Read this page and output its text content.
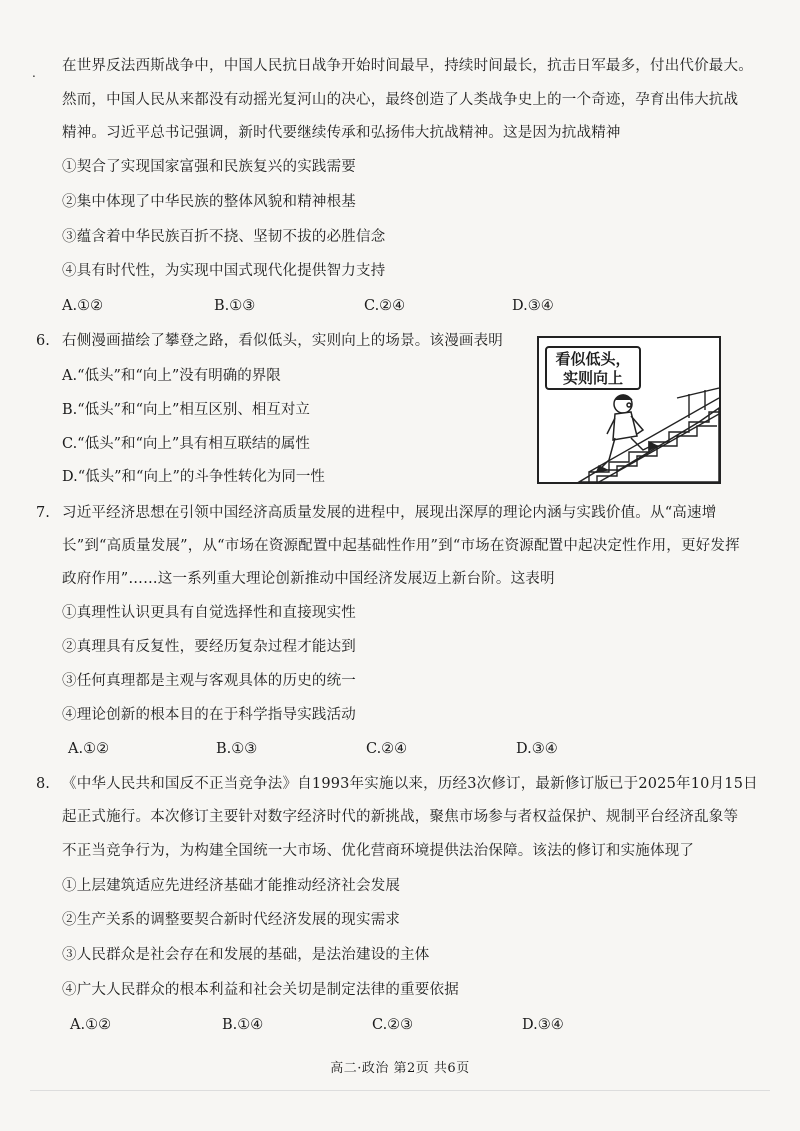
. 在世界反法西斯战争中，中国人民抗日战争开始时间最早，持续时间最长，抗击日军最多，付出代价最大。
然而，中国人民从来都没有动摇光复河山的决心，最终创造了人类战争史上的一个奇迹，孕育出伟大抗战
精神。习近平总书记强调，新时代要继续传承和弘扬伟大抗战精神。这是因为抗战精神
①契合了实现国家富强和民族复兴的实践需要
②集中体现了中华民族的整体风貌和精神根基
③蕴含着中华民族百折不挠、坚韧不拔的必胜信念
④具有时代性，为实现中国式现代化提供智力支持
A.①②	B.①③	C.②④	D.③④
6. 右侧漫画描绘了攀登之路，看似低头，实则向上的场景。该漫画表明
A.“低头”和“向上”没有明确的界限
B.“低头”和“向上”相互区别、相互对立
C.“低头”和“向上”具有相互联结的属性
D.“低头”和“向上”的斗争性转化为同一性
看似低头，
实则向上
7. 习近平经济思想在引领中国经济高质量发展的进程中，展现出深厚的理论内涵与实践价值。从“高速增
长”到“高质量发展”，从“市场在资源配置中起基础性作用”到“市场在资源配置中起决定性作用，更好发挥
政府作用”……这一系列重大理论创新推动中国经济发展迈上新台阶。这表明
①真理性认识更具有自觉选择性和直接现实性
②真理具有反复性，要经历复杂过程才能达到
③任何真理都是主观与客观具体的历史的统一
④理论创新的根本目的在于科学指导实践活动
A.①②	B.①③	C.②④	D.③④
8. 《中华人民共和国反不正当竞争法》自1993年实施以来，历经3次修订，最新修订版已于2025年10月15日
起正式施行。本次修订主要针对数字经济时代的新挑战，聚焦市场参与者权益保护、规制平台经济乱象等
不正当竞争行为，为构建全国统一大市场、优化营商环境提供法治保障。该法的修订和实施体现了
①上层建筑适应先进经济基础才能推动经济社会发展
②生产关系的调整要契合新时代经济发展的现实需求
③人民群众是社会存在和发展的基础，是法治建设的主体
④广大人民群众的根本利益和社会关切是制定法律的重要依据
A.①②	B.①④	C.②③	D.③④
高二·政治 第2页 共6页
